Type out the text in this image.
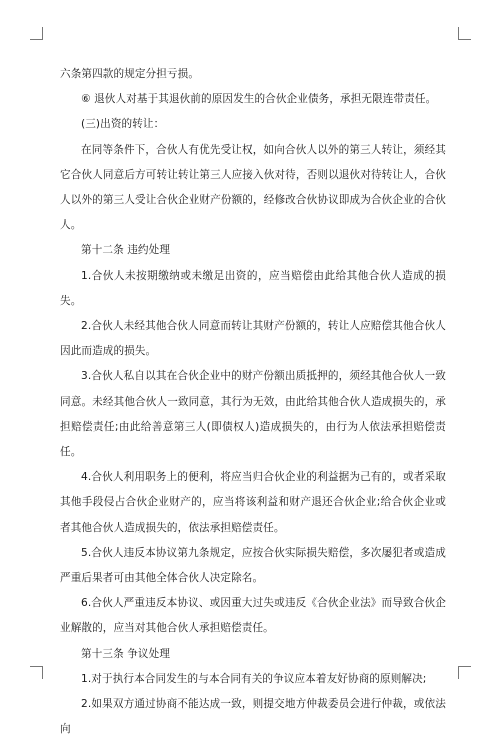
六条第四款的规定分担亏损。

⑥ 退伙人对基于其退伙前的原因发生的合伙企业债务，承担无限连带责任。

(三)出资的转让：

在同等条件下，合伙人有优先受让权，如向合伙人以外的第三人转让，须经其它合伙人同意后方可转让转让第三人应接入伙对待，否则以退伙对待转让人，合伙人以外的第三人受让合伙企业财产份额的，经修改合伙协议即成为合伙企业的合伙人。

第十二条 违约处理

1.合伙人未按期缴纳或未缴足出资的，应当赔偿由此给其他合伙人造成的损失。

2.合伙人未经其他合伙人同意而转让其财产份额的，转让人应赔偿其他合伙人因此而造成的损失。

3.合伙人私自以其在合伙企业中的财产份额出质抵押的，须经其他合伙人一致同意。未经其他合伙人一致同意，其行为无效，由此给其他合伙人造成损失的，承担赔偿责任;由此给善意第三人(即债权人)造成损失的，由行为人依法承担赔偿责任。

4.合伙人利用职务上的便利，将应当归合伙企业的利益据为己有的，或者采取其他手段侵占合伙企业财产的，应当将该利益和财产退还合伙企业;给合伙企业或者其他合伙人造成损失的，依法承担赔偿责任。

5.合伙人违反本协议第九条规定，应按合伙实际损失赔偿，多次屡犯者或造成严重后果者可由其他全体合伙人决定除名。

6.合伙人严重违反本协议、或因重大过失或违反《合伙企业法》而导致合伙企业解散的，应当对其他合伙人承担赔偿责任。

第十三条 争议处理

1.对于执行本合同发生的与本合同有关的争议应本着友好协商的原则解决;

2.如果双方通过协商不能达成一致，则提交地方仲裁委员会进行仲裁，或依法向
